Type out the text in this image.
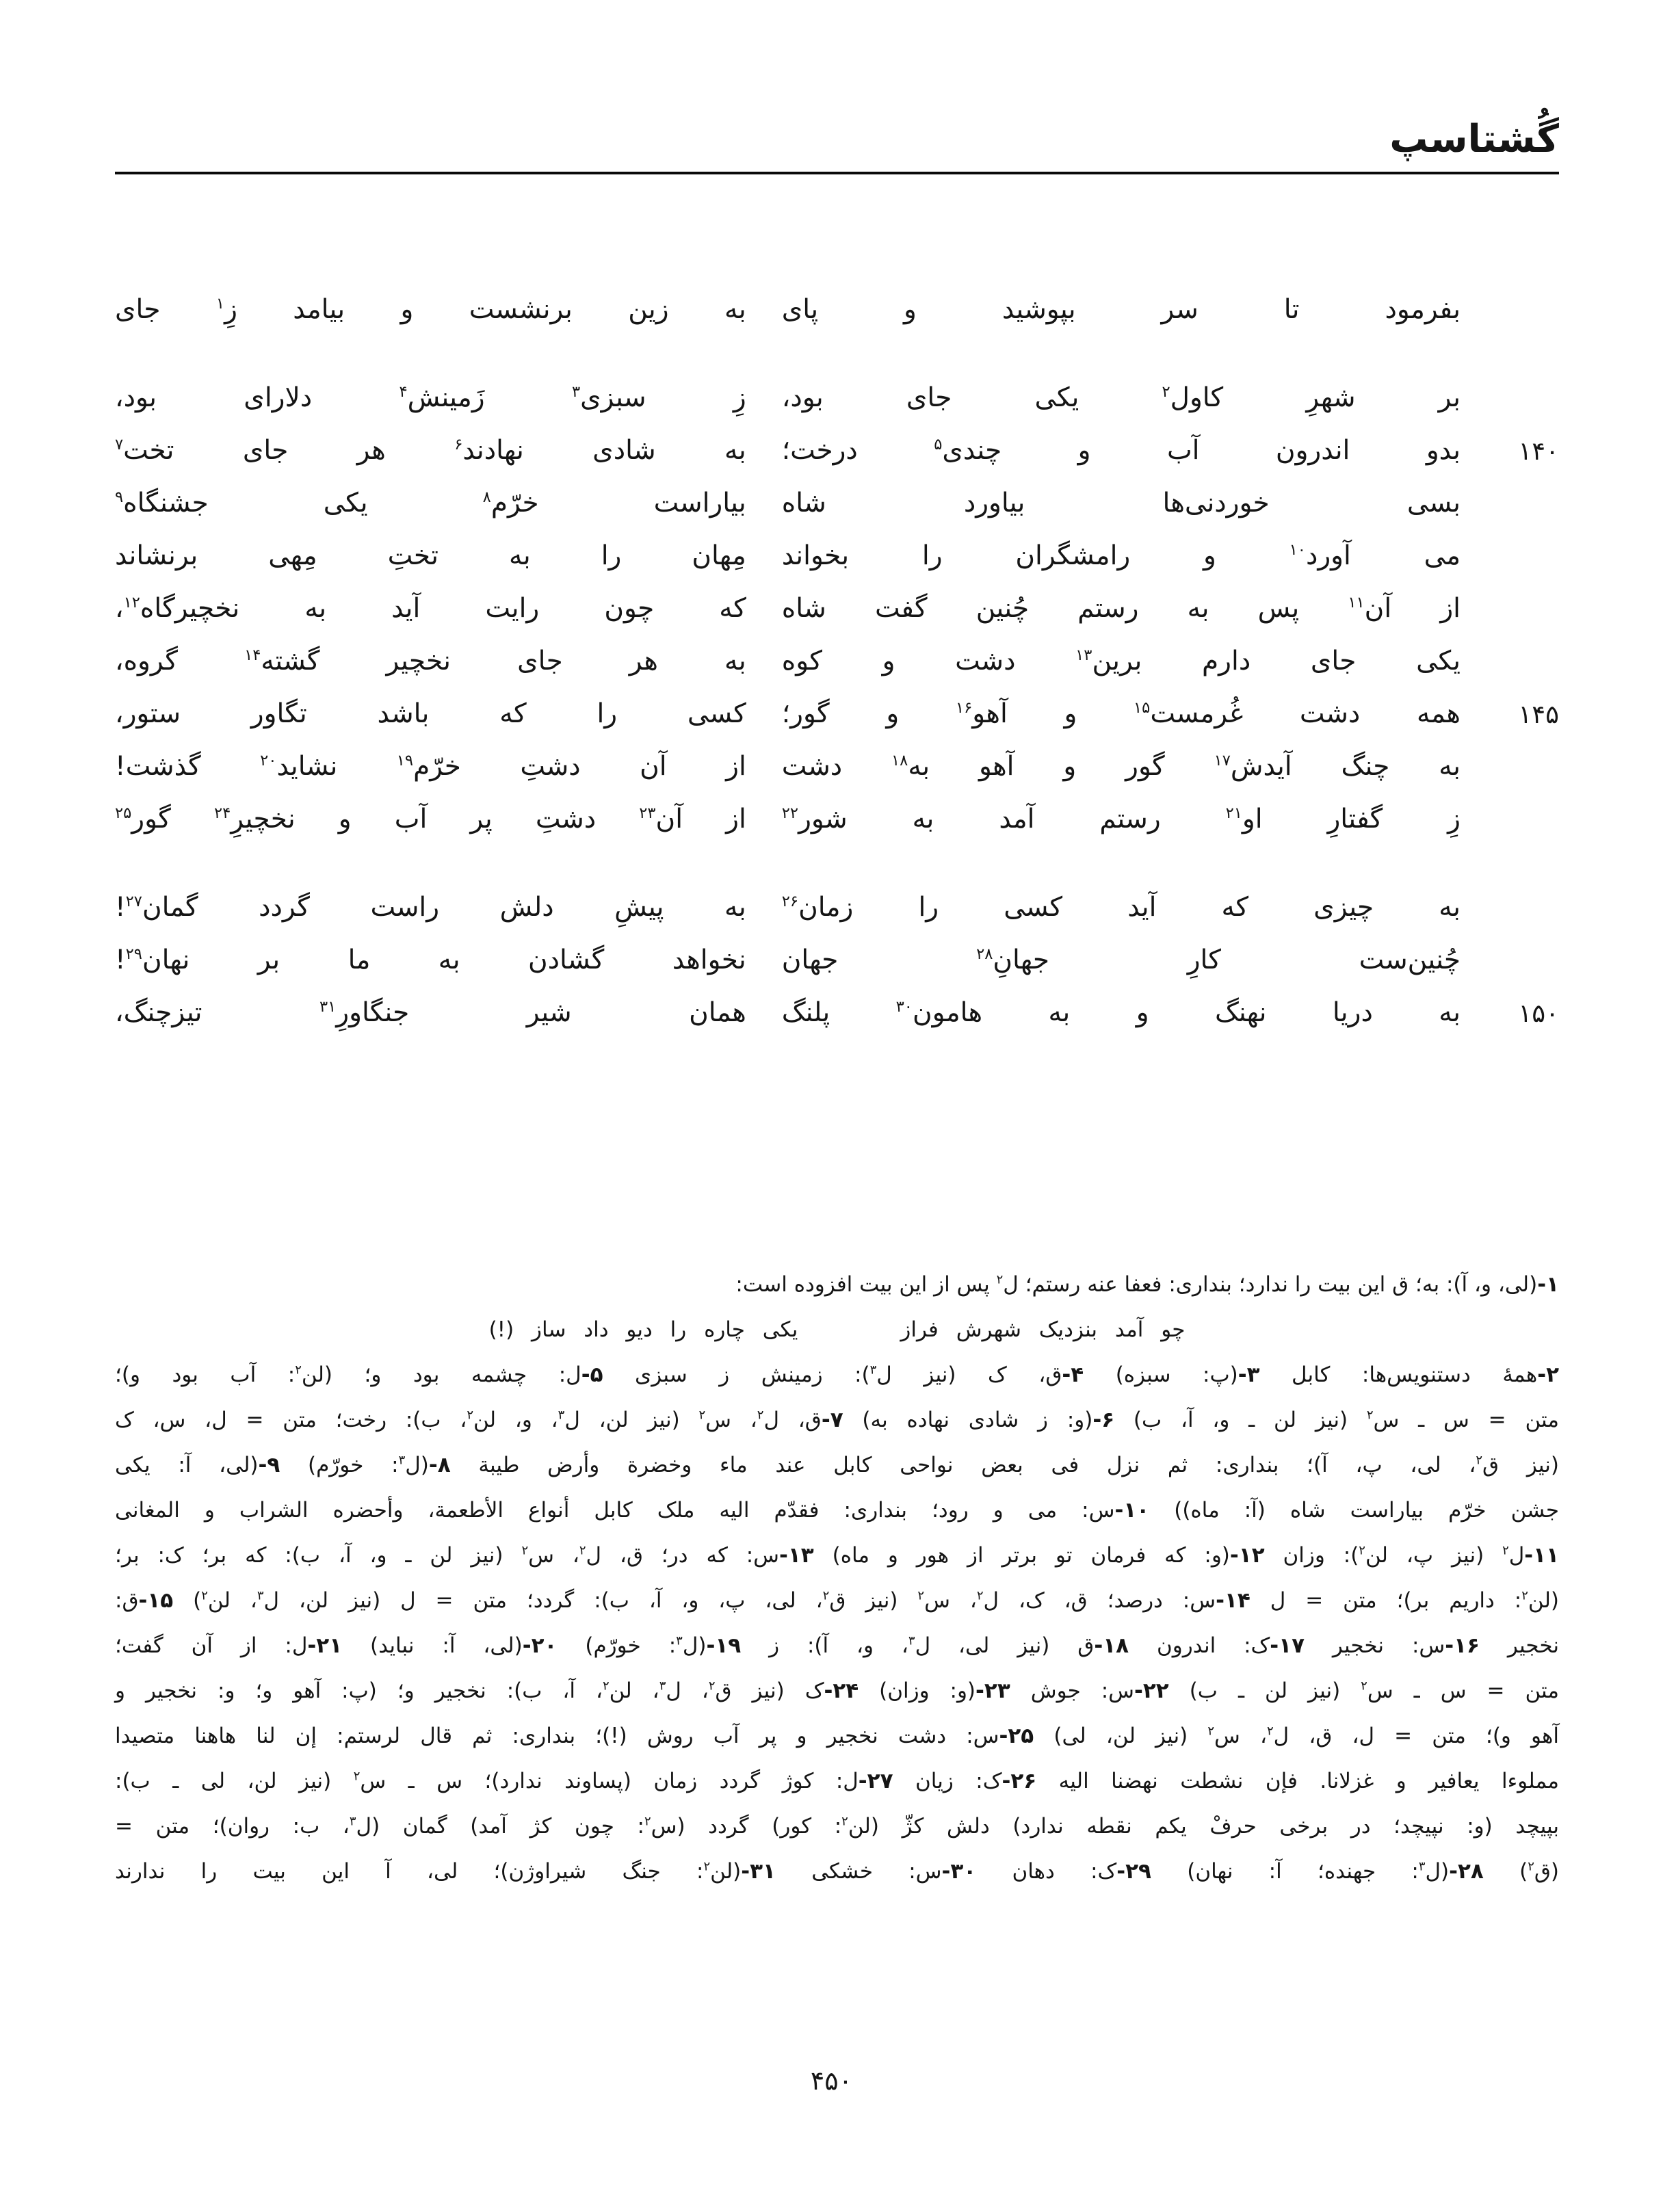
گُشتاسپ
بفرمود تا سر بپوشید و پای
به زین برنشست و بیامد زِ$^۱$ جای
بر شهرِ کاول$^۲$ یکی جای بود،
زِ سبزی$^۳$ زَمینش$^۴$ دلارای بود،
۱۴۰
بدو اندرون آب و چندی$^۵$ درخت؛
به شادی نهادند$^۶$ هر جای تخت$^۷$
بسی خوردنی‌ها بیاورد شاه
بیاراست خرّم$^۸$ یکی جشنگاه$^۹$
می آورد$^{۱۰}$ و رامشگران را بخواند
مِهان را به تختِ مِهی برنشاند
از آن$^{۱۱}$ پس به رستم چُنین گفت شاه
که چون رایت آید به نخچیرگاه$^{۱۲}$،
یکی جای دارم برین$^{۱۳}$ دشت و کوه
به هر جای نخچیر گشته$^{۱۴}$ گروه،
۱۴۵
همه دشت غُرمست$^{۱۵}$ و آهو$^{۱۶}$ و گور؛
کسی را که باشد تگاور ستور،
به چنگ آیدش$^{۱۷}$ گور و آهو به$^{۱۸}$ دشت
از آن دشتِ خرّم$^{۱۹}$ نشاید$^{۲۰}$ گذشت!
زِ گفتارِ او$^{۲۱}$ رستم آمد به شور$^{۲۲}$
از آن$^{۲۳}$ دشتِ پر آب و نخچیرِ$^{۲۴}$ گور$^{۲۵}$
به چیزی که آید کسی را زمان$^{۲۶}$
به پیشِ دلش راست گردد گمان$^{۲۷}$!
چُنین‌ست کارِ جهانِ$^{۲۸}$ جهان
نخواهد گشادن به ما بر نهان$^{۲۹}$!
۱۵۰
به دریا نهنگ و به هامون$^{۳۰}$ پلنگ
همان شیر جنگاورِ$^{۳۱}$ تیزچنگ،

۱-(لی، و، آ): به؛ ق این بیت را ندارد؛ بنداری: فعفا عنه رستم؛ ل$^۲$ پس از این بیت افزوده است:

چو آمد بنزدیک شهرش فراز
یکی چاره را دیو داد ساز (!)

۲-همهٔ دستنویس‌ها: کابل ۳-(پ: سبزه) ۴-ق، ک (نیز ل$^۳$): زمینش ز سبزی ۵-ل: چشمه بود و؛ (لن$^۲$: آب بود و)؛

متن = س ـ س$^۲$ (نیز لن ـ و، آ، ب) ۶-(و: ز شادی نهاده به) ۷-ق، ل$^۲$، س$^۲$ (نیز لن، ل$^۳$، و، لن$^۲$، ب): رخت؛ متن = ل، س، ک

(نیز ق$^۲$، لی، پ، آ)؛ بنداری: ثم نزل فی بعض نواحی کابل عند ماء وخضرة وأرض طیبة ۸-(ل$^۳$: خورّم) ۹-(لی، آ: یکی

جشن خرّم بیاراست شاه (آ: ماه)) ۱۰-س: می و رود؛ بنداری: فقدّم الیه ملک کابل أنواع الأطعمة، وأحضره الشراب و المغانی

۱۱-ل$^۲$ (نیز پ، لن$^۲$): وزان ۱۲-(و: که فرمان تو برتر از هور و ماه) ۱۳-س: که در؛ ق، ل$^۲$، س$^۲$ (نیز لن ـ و، آ، ب): که بر؛ ک: بر؛

(لن$^۲$: داریم بر)؛ متن = ل ۱۴-س: درصد؛ ق، ک، ل$^۲$، س$^۲$ (نیز ق$^۲$، لی، پ، و، آ، ب): گردد؛ متن = ل (نیز لن، ل$^۳$، لن$^۲$) ۱۵-ق:

نخجیر ۱۶-س: نخجیر ۱۷-ک: اندرون ۱۸-ق (نیز لی، ل$^۳$، و، آ): ز ۱۹-(ل$^۳$: خورّم) ۲۰-(لی، آ: نباید) ۲۱-ل: از آن گفت؛

متن = س ـ س$^۲$ (نیز لن ـ ب) ۲۲-س: جوش ۲۳-(و: وزان) ۲۴-ک (نیز ق$^۲$، ل$^۳$، لن$^۲$، آ، ب): نخجیر و؛ (پ: آهو و؛ و: نخجیر و

آهو و)؛ متن = ل، ق، ل$^۲$، س$^۲$ (نیز لن، لی) ۲۵-س: دشت نخجیر و پر آب روش (!)؛ بنداری: ثم قال لرستم: إن لنا هاهنا متصیدا

مملوءا یعافیر و غزلانا. فإن نشطت نهضنا الیه ۲۶-ک: زیان ۲۷-ل: کوژ گردد زمان (پساوند ندارد)؛ س ـ س$^۲$ (نیز لن، لی ـ ب):

بپیچد (و: نپیچد؛ در برخی حرفْ یکم نقطه ندارد) دلش کژّ (لن$^۲$: کور) گردد (س$^۲$: چون کژ آمد) گمان (ل$^۳$، ب: روان)؛ متن =

(ق$^۲$) ۲۸-(ل$^۳$: جهنده؛ آ: نهان) ۲۹-ک: دهان ۳۰-س: خشکی ۳۱-(لن$^۲$: جنگ شیراوژن)؛ لی، آ این بیت را ندارند

۴۵۰
